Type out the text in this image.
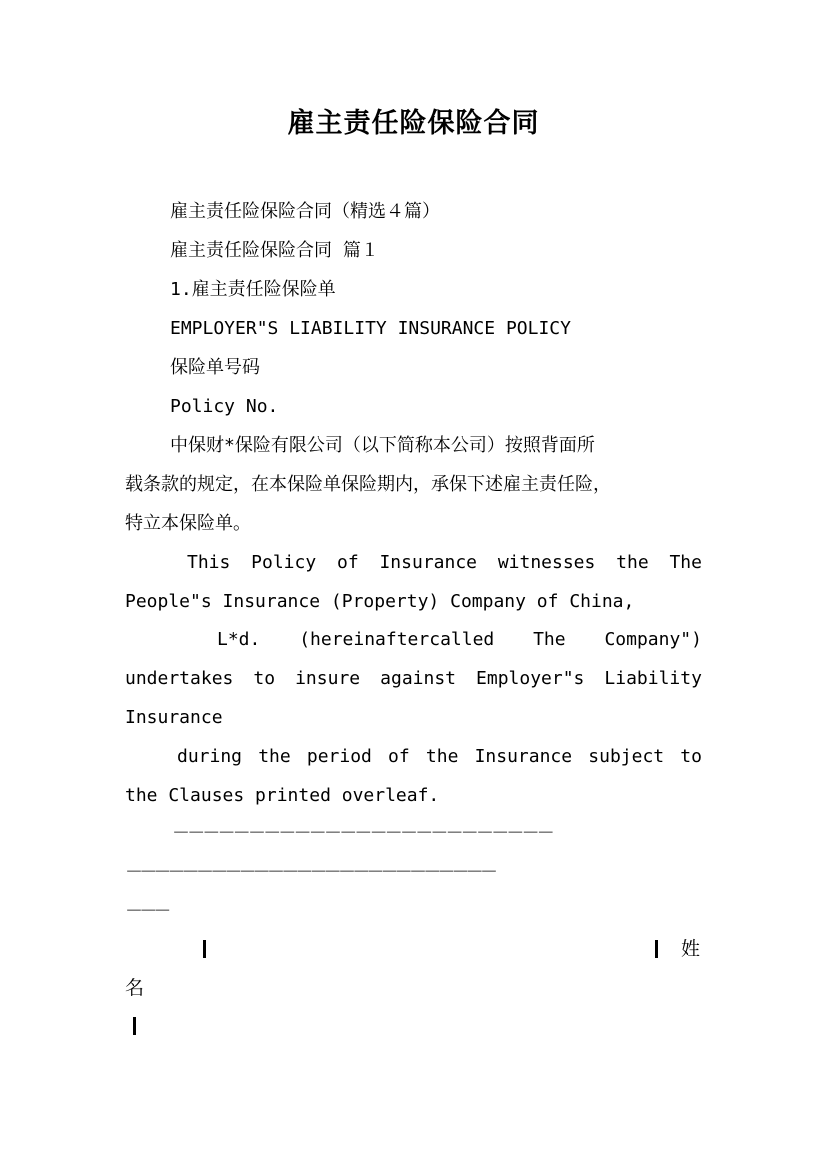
雇主责任险保险合同
雇主责任险保险合同（精选４篇）
雇主责任险保险合同 篇１
1.雇主责任险保险单
EMPLOYER"S LIABILITY INSURANCE POLICY
保险单号码
Policy No.
中保财*保险有限公司（以下简称本公司）按照背面所
载条款的规定，在本保险单保险期内，承保下述雇主责任险，
特立本保险单。
This Policy of Insurance witnesses the The
People"s Insurance (Property) Company of China,
L*d. (hereinaftercalled The Company")
undertakes to insure against Employer"s Liability
Insurance
during the period of the Insurance subject to
the Clauses printed overleaf.
－－－－－－－－－－－－－－－－－－－－－－－－－
－－－－－－－－－－－－－－－－－－－－－－－－－－
－－－
姓
名
